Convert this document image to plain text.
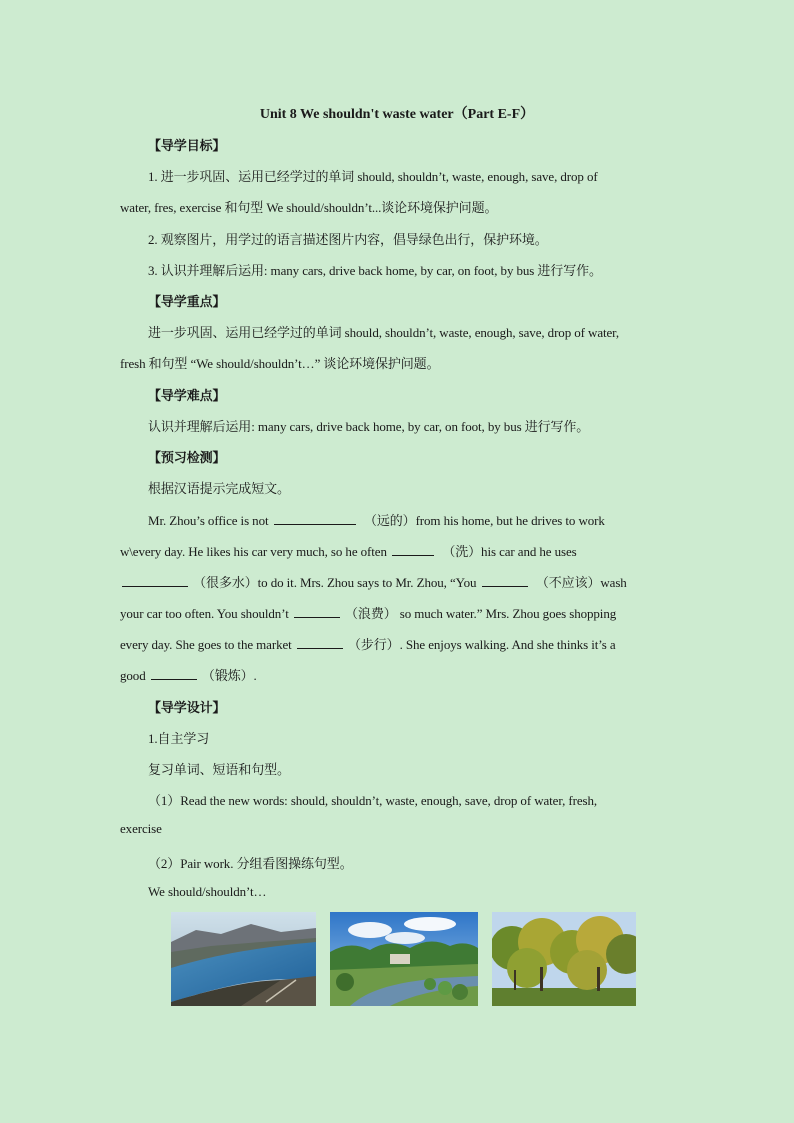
Unit 8 We shouldn't waste water（Part E-F）
【导学目标】
1. 进一步巩固、运用已经学过的单词 should, shouldn’t, waste, enough, save, drop of
water, fres, exercise 和句型 We should/shouldn’t...谈论环境保护问题。
2. 观察图片，用学过的语言描述图片内容，倡导绿色出行，保护环境。
3. 认识并理解后运用: many cars, drive back home, by car, on foot, by bus 进行写作。
【导学重点】
进一步巩固、运用已经学过的单词 should, shouldn’t, waste, enough, save, drop of water,
fresh 和句型 “We should/shouldn’t…” 谈论环境保护问题。
【导学难点】
认识并理解后运用: many cars, drive back home, by car, on foot, by bus 进行写作。
【预习检测】
根据汉语提示完成短文。
Mr. Zhou’s office is not	（远的）from his home, but he drives to work
w\every day. He likes his car very much, so he often	（洗）his car and he uses
（很多水）to do it. Mrs. Zhou says to Mr. Zhou, “You	（不应该）wash
your car too often. You shouldn’t	（浪费） so much water.” Mrs. Zhou goes shopping
every day. She goes to the market	（步行）. She enjoys walking. And she thinks it’s a
good	（锻炼）.
【导学设计】
1.自主学习
复习单词、短语和句型。
（1）Read the new words: should, shouldn’t, waste, enough, save, drop of water, fresh,
exercise
（2）Pair work. 分组看图操练句型。
We should/shouldn’t…
